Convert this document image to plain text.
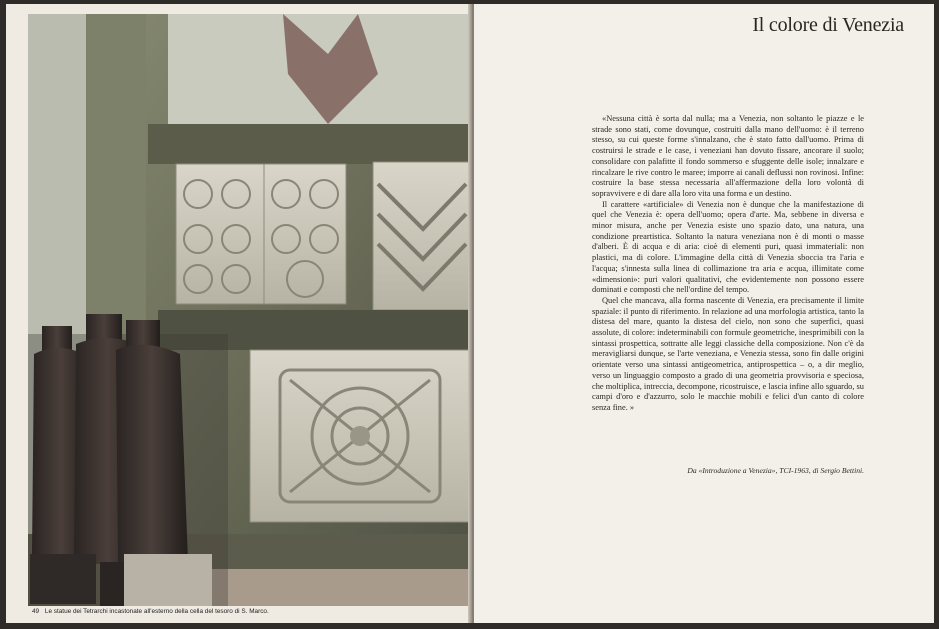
49 Le statue dei Tetrarchi incastonate all'esterno della cella del tesoro di S. Marco.
Il colore di Venezia

«Nessuna città è sorta dal nulla; ma a Venezia, non soltanto le piazze e le strade sono stati, come dovunque, costruiti dalla mano dell'uomo: è il terreno stesso, su cui queste forme s'innalzano, che è stato fatto dall'uomo. Prima di costruirsi le strade e le case, i veneziani han dovuto fissare, ancorare il suolo; consolidare con palafitte il fondo sommerso e sfuggente delle isole; innalzare e rincalzare le rive contro le maree; imporre ai canali deflussi non rovinosi. Infine: costruire la base stessa necessaria all'affermazione della loro volontà di sopravvivere e di dare alla loro vita una forma e un destino.

Il carattere «artificiale» di Venezia non è dunque che la manifestazione di quel che Venezia è: opera dell'uomo; opera d'arte. Ma, sebbene in diversa e minor misura, anche per Venezia esiste uno spazio dato, una natura, una condizione preartistica. Soltanto la natura veneziana non è di monti o masse d'alberi. È di acqua e di aria: cioè di elementi puri, quasi immateriali: non plastici, ma di colore. L'immagine della città di Venezia sboccia tra l'aria e l'acqua; s'innesta sulla linea di collimazione tra aria e acqua, illimitate come «dimensioni»: puri valori qualitativi, che evidentemente non possono essere dominati e composti che nell'ordine del tempo.

Quel che mancava, alla forma nascente di Venezia, era precisamente il limite spaziale: il punto di riferimento. In relazione ad una morfologia artistica, tanto la distesa del mare, quanto la distesa del cielo, non sono che superfici, quasi assolute, di colore: indeterminabili con formule geometriche, inesprimibili con la sintassi prospettica, sottratte alle leggi classiche della composizione. Non c'è da meravigliarsi dunque, se l'arte veneziana, e Venezia stessa, sono fin dalle origini orientate verso una sintassi antigeometrica, antiprospettica – o, a dir meglio, verso un linguaggio composto a grado di una geometria provvisoria e speciosa, che moltiplica, intreccia, decompone, ricostruisce, e lascia infine allo sguardo, su campi d'oro e d'azzurro, solo le macchie mobili e felici d'un canto di colore senza fine. »

Da «Introduzione a Venezia», TCI-1963, di Sergio Bettini.
